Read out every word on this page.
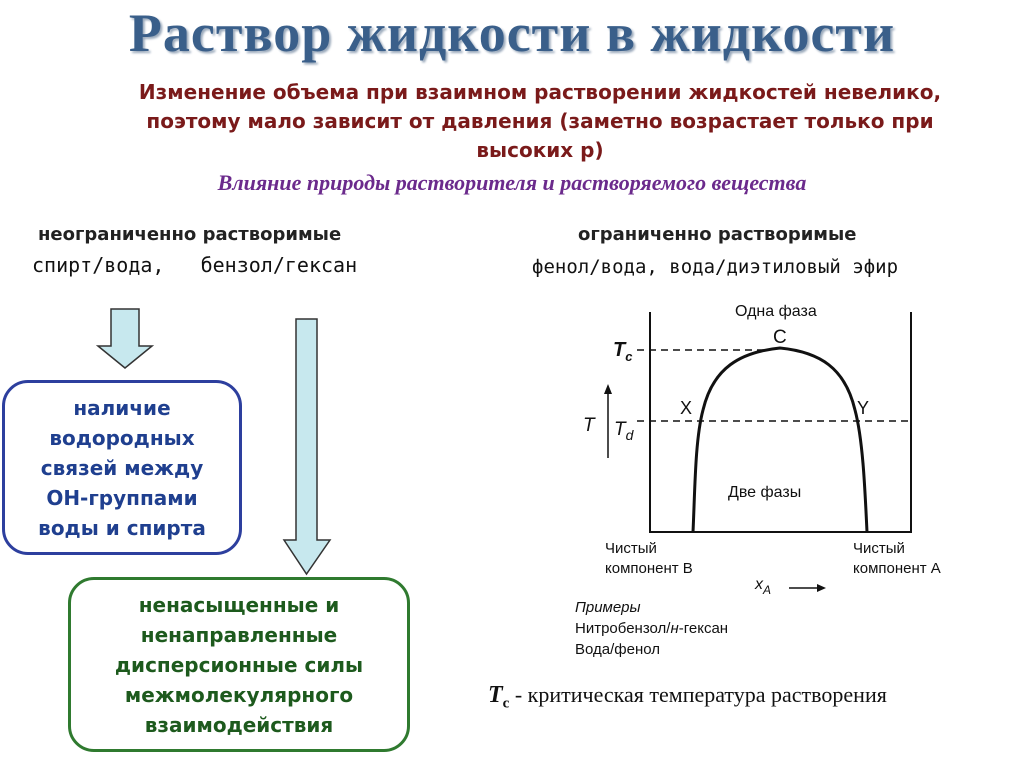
Раствор жидкости в жидкости
Изменение объема при взаимном растворении жидкостей невелико,
поэтому мало зависит от давления (заметно возрастает только при
высоких р)
Влияние природы растворителя и растворяемого вещества
неограниченно растворимые
спирт/вода,   бензол/гексан
ограниченно растворимые
фенол/вода, вода/диэтиловый эфир
наличие
водородных
связей между
ОН-группами
воды и спирта
ненасыщенные и
ненаправленные
дисперсионные силы
межмолекулярного
взаимодействия
Одна фаза
C
$T_c$
T $T_d$
X	Y
Две фазы
Чистый
компонент В
Чистый
компонент А
$x_A$
Примеры
Нитробензол/н-гексан
Вода/фенол
$T_c$ - критическая температура растворения
